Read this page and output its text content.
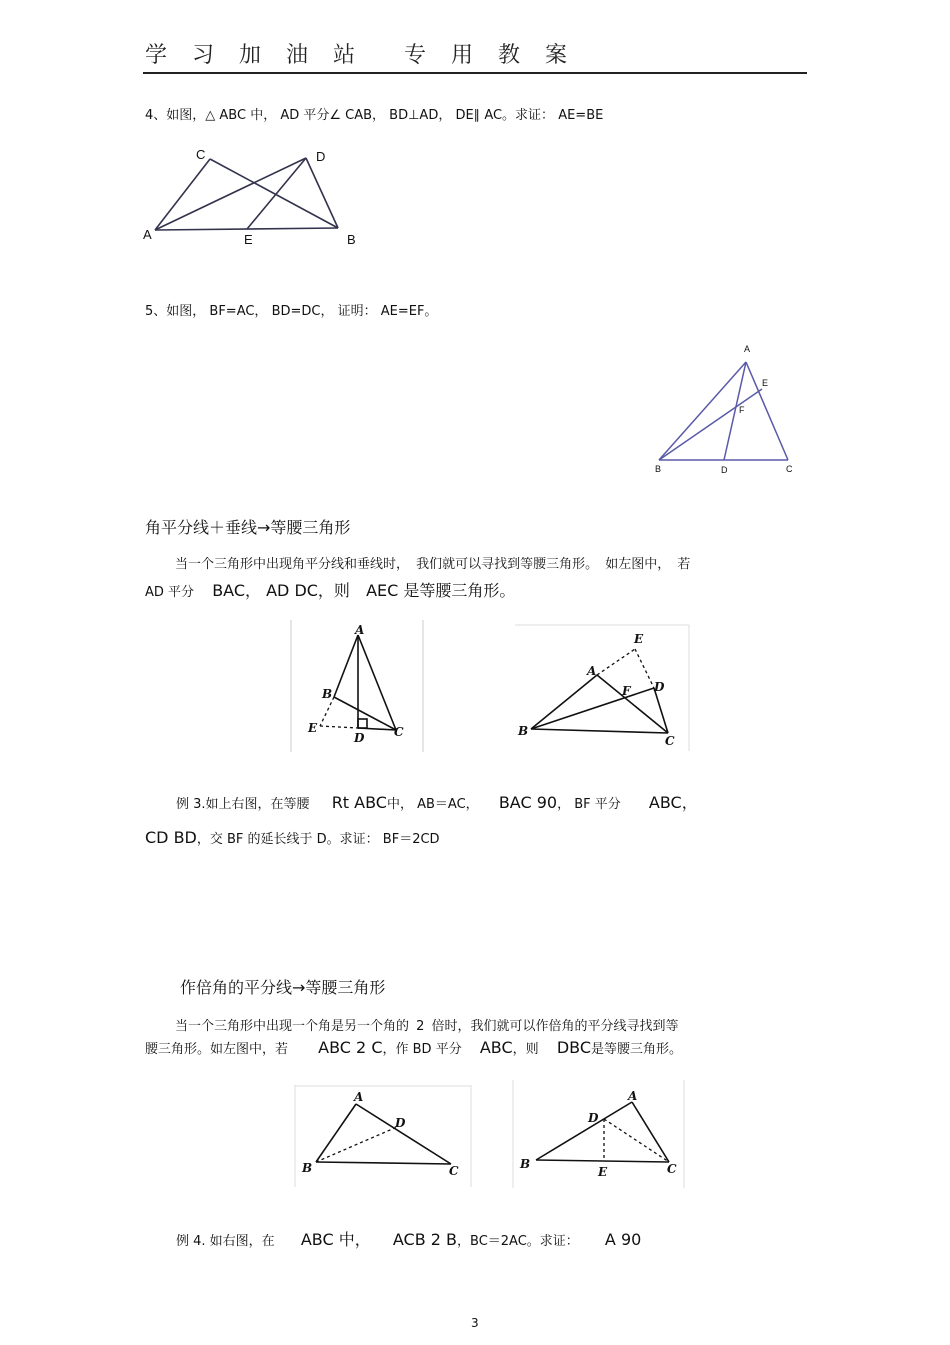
学 习 加 油 站 专 用 教 案
4、如图，△ ABC 中， AD 平分∠ CAB， BD⊥AD， DE∥ AC。求证： AE=BE
C	D
A	E	B
5、如图， BF=AC， BD=DC， 证明： AE=EF。
A
E
F
B	D	C
角平分线＋垂线→等腰三角形
当一个三角形中出现角平分线和垂线时， 我们就可以寻找到等腰三角形。 如左图中， 若
AD 平分 BAC， AD DC，则 AEC 是等腰三角形。
A
B
E
D C
E
A
F D
B
C
例 3.如上右图，在等腰 Rt ABC中， AB＝AC， BAC 90， BF 平分 ABC，
CD BD，交 BF 的延长线于 D。求证： BF＝2CD
作倍角的平分线→等腰三角形
当一个三角形中出现一个角是另一个角的 2 倍时，我们就可以作倍角的平分线寻找到等
腰三角形。如左图中，若 ABC 2 C，作 BD 平分 ABC，则 DBC是等腰三角形。
A
D
B	C
A
D
B
E	C
例 4. 如右图，在 ABC 中， ACB 2 B，BC＝2AC。求证： A 90
3
